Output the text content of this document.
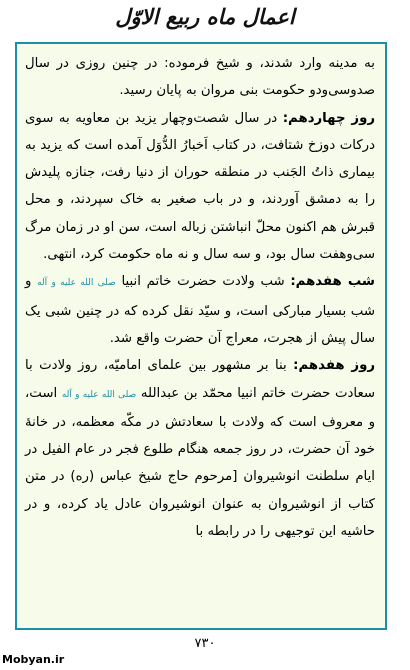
اعمال ماه ربیع الاوّل

به مدینه وارد شدند، و شیخ فرموده: در چنین روزی در سال صدوسی‌ودو حکومت بنی مروان به پایان رسید.

روز چهاردهم: در سال شصت‌وچهار یزید بن معاویه به سوی درکات دوزخ شتافت، در کتاب اَخبارُ الدُّوَل آمده است که یزید به بیماری ذاتُ الجَنب در منطقه حوران از دنیا رفت، جنازه پلیدش را به دمشق آوردند، و در باب صغیر به خاک سپردند، و محل قبرش هم اکنون محلّ انباشتن زباله است، سن او در زمان مرگ سی‌وهفت سال بود، و سه سال و نه ماه حکومت کرد، انتهی.

شب هفدهم: شب ولادت حضرت خاتم انبیا صلی الله علیه و آله و شب بسیار مبارکی است، و سیّد نقل کرده که در چنین شبی یک سال پیش از هجرت، معراج آن حضرت واقع شد.

روز هفدهم: بنا بر مشهور بین علمای امامیّه، روز ولادت با سعادت حضرت خاتم انبیا محمّد بن عبدالله صلی الله علیه و آله است، و معروف است که ولادت با سعادتش در مکّه معظمه، در خانهٔ خود آن حضرت، در روز جمعه هنگام طلوع فجر در عام الفیل در ایام سلطنت انوشیروان [مرحوم حاج شیخ عباس (ره) در متن کتاب از انوشیروان به عنوان انوشیروان عادل یاد کرده، و در حاشیه این توجیهی را در رابطه با

۷۳۰
Mobyan.ir
